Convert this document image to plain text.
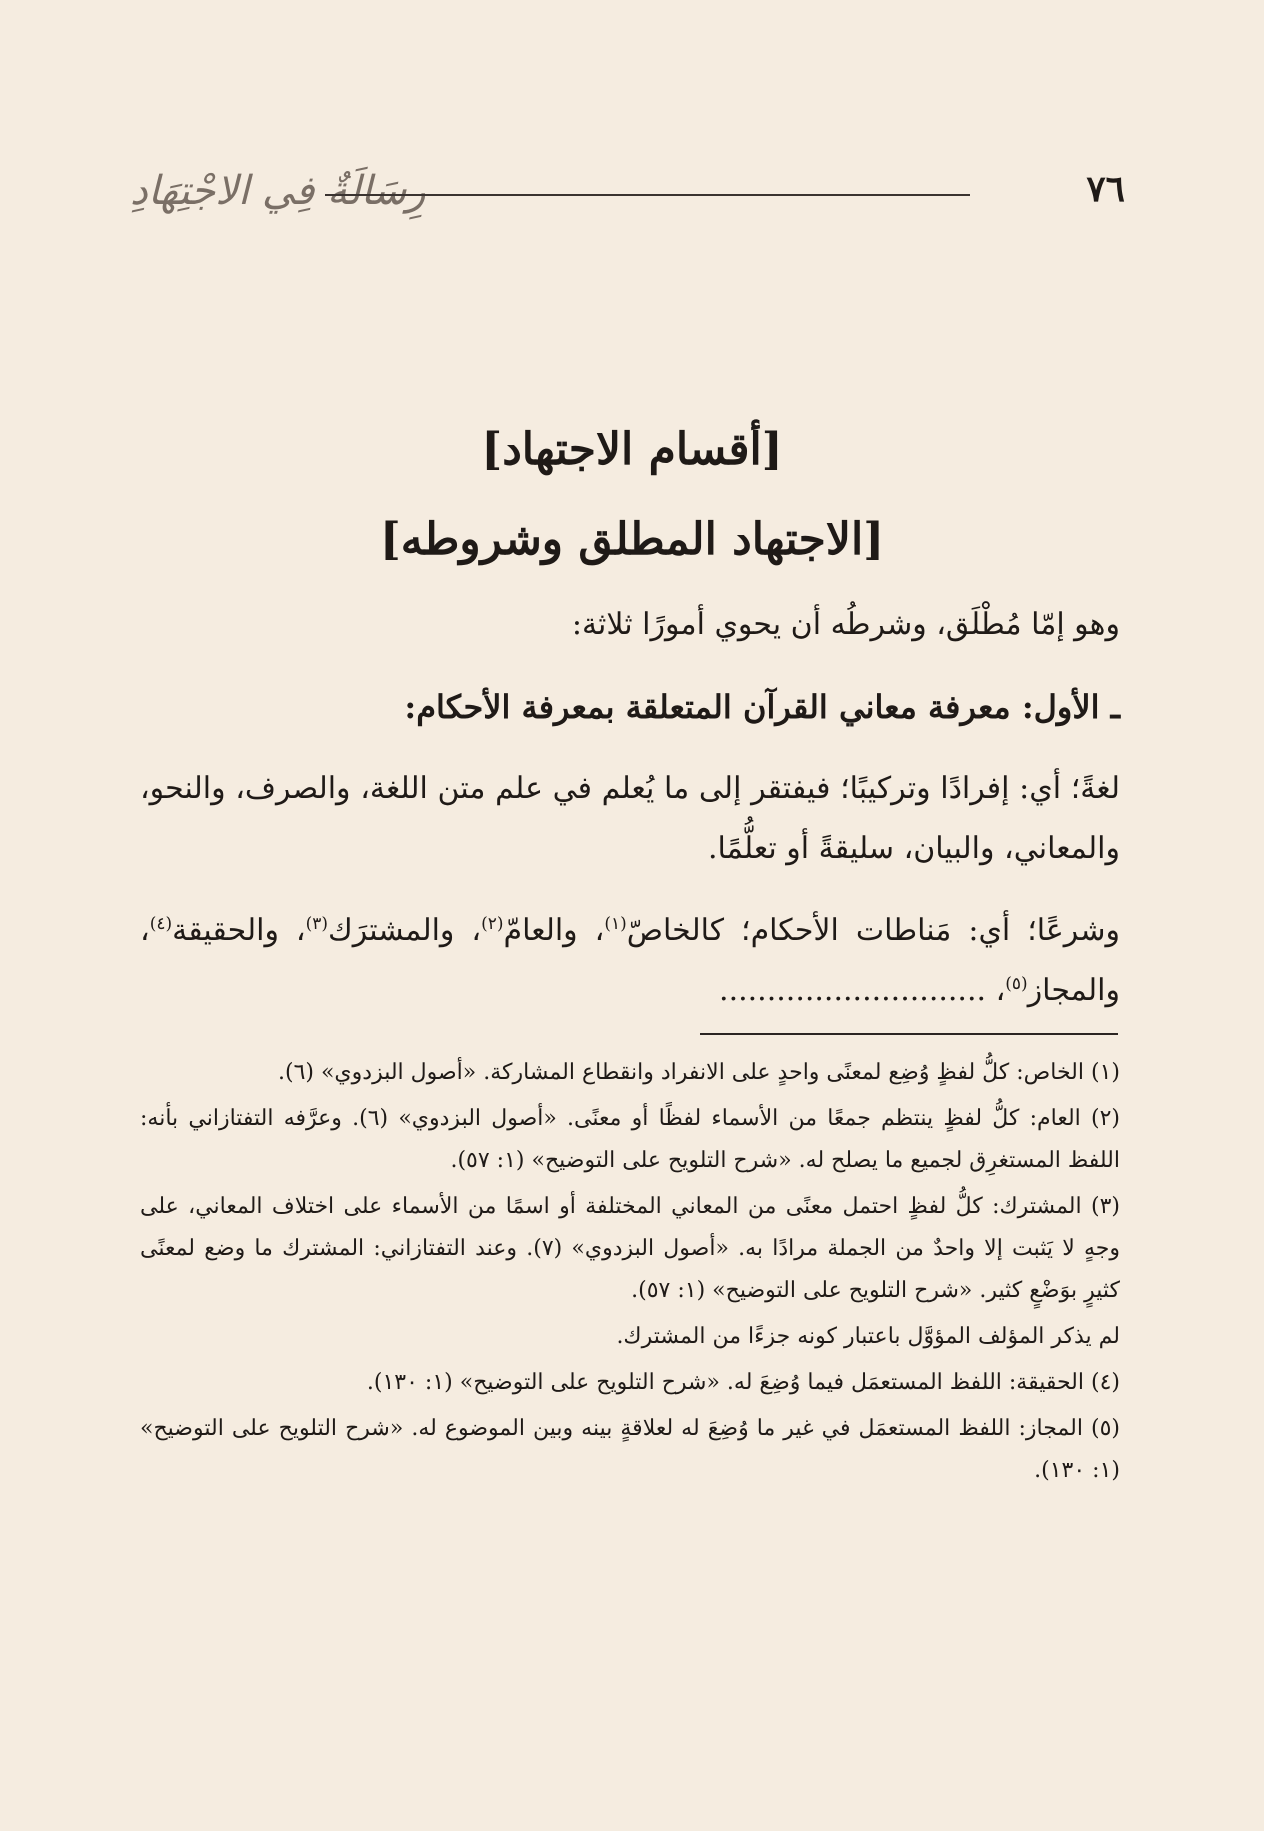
رِسَالَةٌ فِي الاجْتِهَادِ	٧٦

[أقسام الاجتهاد]

[الاجتهاد المطلق وشروطه]

وهو إمّا مُطْلَق، وشرطُه أن يحوي أمورًا ثلاثة:

ـ الأول: معرفة معاني القرآن المتعلقة بمعرفة الأحكام:

لغةً؛ أي: إفرادًا وتركيبًا؛ فيفتقر إلى ما يُعلم في علم متن اللغة، والصرف، والنحو، والمعاني، والبيان، سليقةً أو تعلُّمًا.

وشرعًا؛ أي: مَناطات الأحكام؛ كالخاصّ$^{(١)}$، والعامّ$^{(٢)}$، والمشترَك$^{(٣)}$، والحقيقة$^{(٤)}$، والمجاز$^{(٥)}$، ............................

(١) الخاص: كلُّ لفظٍ وُضِع لمعنًى واحدٍ على الانفراد وانقطاع المشاركة. «أصول البزدوي» (٦).

(٢) العام: كلُّ لفظٍ ينتظم جمعًا من الأسماء لفظًا أو معنًى. «أصول البزدوي» (٦). وعرَّفه التفتازاني بأنه: اللفظ المستغرِق لجميع ما يصلح له. «شرح التلويح على التوضيح» (١: ٥٧).

(٣) المشترك: كلُّ لفظٍ احتمل معنًى من المعاني المختلفة أو اسمًا من الأسماء على اختلاف المعاني، على وجهٍ لا يَثبت إلا واحدٌ من الجملة مرادًا به. «أصول البزدوي» (٧). وعند التفتازاني: المشترك ما وضع لمعنًى كثيرٍ بوَضْعٍ كثير. «شرح التلويح على التوضيح» (١: ٥٧).

لم يذكر المؤلف المؤوَّل باعتبار كونه جزءًا من المشترك.

(٤) الحقيقة: اللفظ المستعمَل فيما وُضِعَ له. «شرح التلويح على التوضيح» (١: ١٣٠).

(٥) المجاز: اللفظ المستعمَل في غير ما وُضِعَ له لعلاقةٍ بينه وبين الموضوع له. «شرح التلويح على التوضيح» (١: ١٣٠).
